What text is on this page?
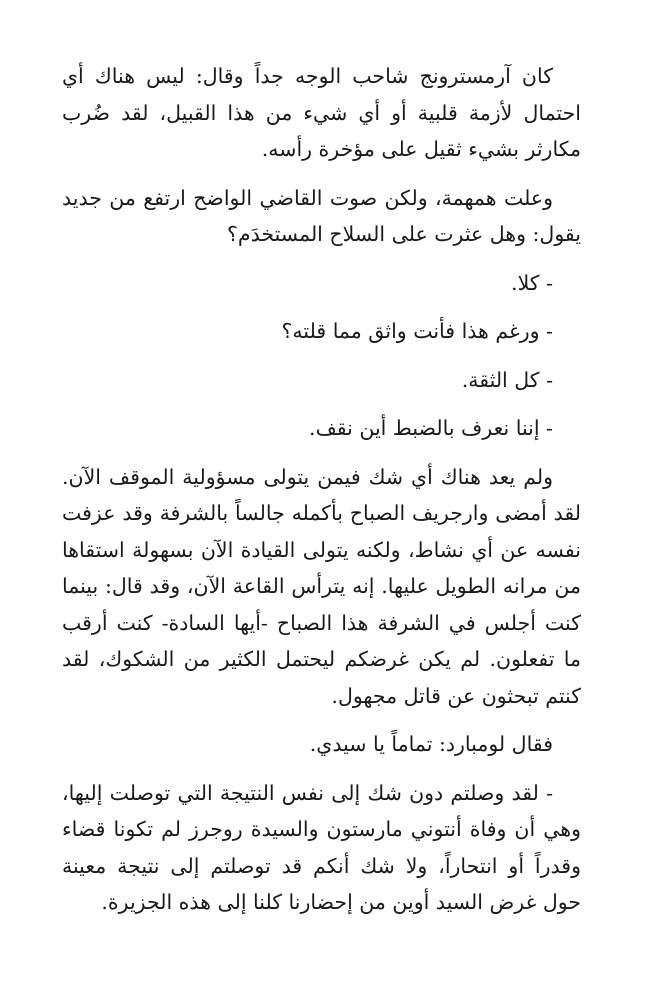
كان آرمسترونج شاحب الوجه جداً وقال: ليس هناك أي احتمال لأزمة قلبية أو أي شيء من هذا القبيل، لقد ضُرب مكارثر بشيء ثقيل على مؤخرة رأسه.

وعلت همهمة، ولكن صوت القاضي الواضح ارتفع من جديد يقول: وهل عثرت على السلاح المستخدَم؟

- كلا.

- ورغم هذا فأنت واثق مما قلته؟

- كل الثقة.

- إننا نعرف بالضبط أين نقف.

ولم يعد هناك أي شك فيمن يتولى مسؤولية الموقف الآن. لقد أمضى وارجريف الصباح بأكمله جالساً بالشرفة وقد عزفت نفسه عن أي نشاط، ولكنه يتولى القيادة الآن بسهولة استقاها من مرانه الطويل عليها. إنه يترأس القاعة الآن، وقد قال: بينما كنت أجلس في الشرفة هذا الصباح -أيها السادة- كنت أرقب ما تفعلون. لم يكن غرضكم ليحتمل الكثير من الشكوك، لقد كنتم تبحثون عن قاتل مجهول.

فقال لومبارد: تماماً يا سيدي.

- لقد وصلتم دون شك إلى نفس النتيجة التي توصلت إليها، وهي أن وفاة أنتوني مارستون والسيدة روجرز لم تكونا قضاء وقدراً أو انتحاراً، ولا شك أنكم قد توصلتم إلى نتيجة معينة حول غرض السيد أوين من إحضارنا كلنا إلى هذه الجزيرة.
